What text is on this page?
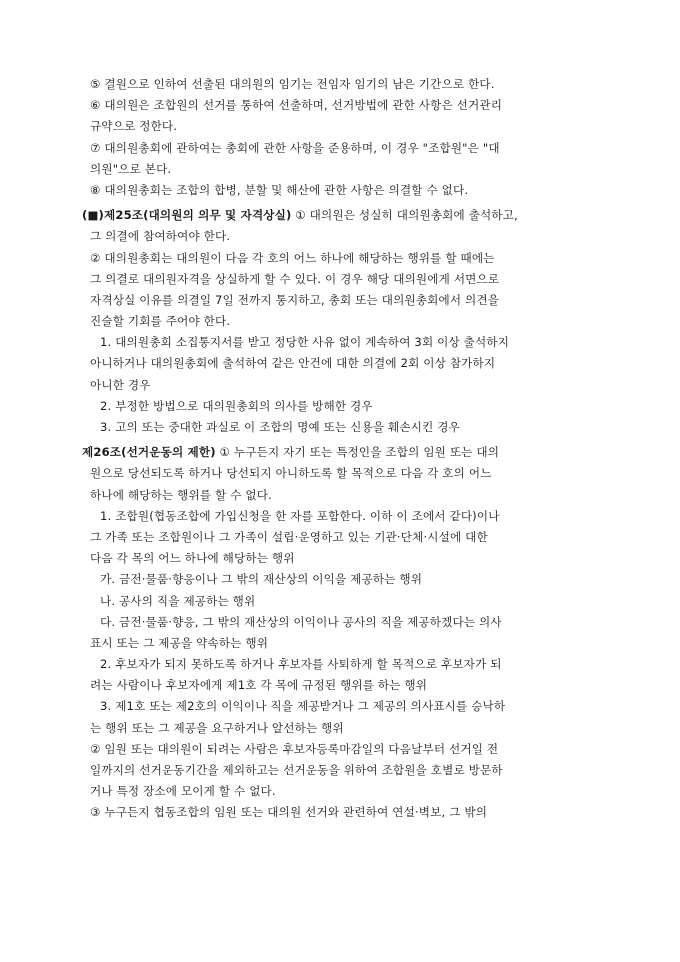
⑤ 결원으로 인하여 선출된 대의원의 임기는 전임자 임기의 남은 기간으로 한다.
⑥ 대의원은 조합원의 선거를 통하여 선출하며, 선거방법에 관한 사항은 선거관리
규약으로 정한다.
⑦ 대의원총회에 관하여는 총회에 관한 사항을 준용하며, 이 경우 "조합원"은 "대
의원"으로 본다.
⑧ 대의원총회는 조합의 합병, 분할 및 해산에 관한 사항은 의결할 수 없다.
(■)제25조(대의원의 의무 및 자격상실) ① 대의원은 성실히 대의원총회에 출석하고,
그 의결에 참여하여야 한다.
② 대의원총회는 대의원이 다음 각 호의 어느 하나에 해당하는 행위를 할 때에는
그 의결로 대의원자격을 상실하게 할 수 있다. 이 경우 해당 대의원에게 서면으로
자격상실 이유를 의결일 7일 전까지 통지하고, 총회 또는 대의원총회에서 의견을
진술할 기회를 주어야 한다.
1. 대의원총회 소집통지서를 받고 정당한 사유 없이 계속하여 3회 이상 출석하지
아니하거나 대의원총회에 출석하여 같은 안건에 대한 의결에 2회 이상 참가하지
아니한 경우
2. 부정한 방법으로 대의원총회의 의사를 방해한 경우
3. 고의 또는 중대한 과실로 이 조합의 명예 또는 신용을 훼손시킨 경우
제26조(선거운동의 제한) ① 누구든지 자기 또는 특정인을 조합의 임원 또는 대의
원으로 당선되도록 하거나 당선되지 아니하도록 할 목적으로 다음 각 호의 어느
하나에 해당하는 행위를 할 수 없다.
1. 조합원(협동조합에 가입신청을 한 자를 포함한다. 이하 이 조에서 같다)이나
그 가족 또는 조합원이나 그 가족이 설립·운영하고 있는 기관·단체·시설에 대한
다음 각 목의 어느 하나에 해당하는 행위
가. 금전·물품·향응이나 그 밖의 재산상의 이익을 제공하는 행위
나. 공사의 직을 제공하는 행위
다. 금전·물품·향응, 그 밖의 재산상의 이익이나 공사의 직을 제공하겠다는 의사
표시 또는 그 제공을 약속하는 행위
2. 후보자가 되지 못하도록 하거나 후보자를 사퇴하게 할 목적으로 후보자가 되
려는 사람이나 후보자에게 제1호 각 목에 규정된 행위를 하는 행위
3. 제1호 또는 제2호의 이익이나 직을 제공받거나 그 제공의 의사표시를 승낙하
는 행위 또는 그 제공을 요구하거나 알선하는 행위
② 임원 또는 대의원이 되려는 사람은 후보자등록마감일의 다음날부터 선거일 전
일까지의 선거운동기간을 제외하고는 선거운동을 위하여 조합원을 호별로 방문하
거나 특정 장소에 모이게 할 수 없다.
③ 누구든지 협동조합의 임원 또는 대의원 선거와 관련하여 연설·벽보, 그 밖의
